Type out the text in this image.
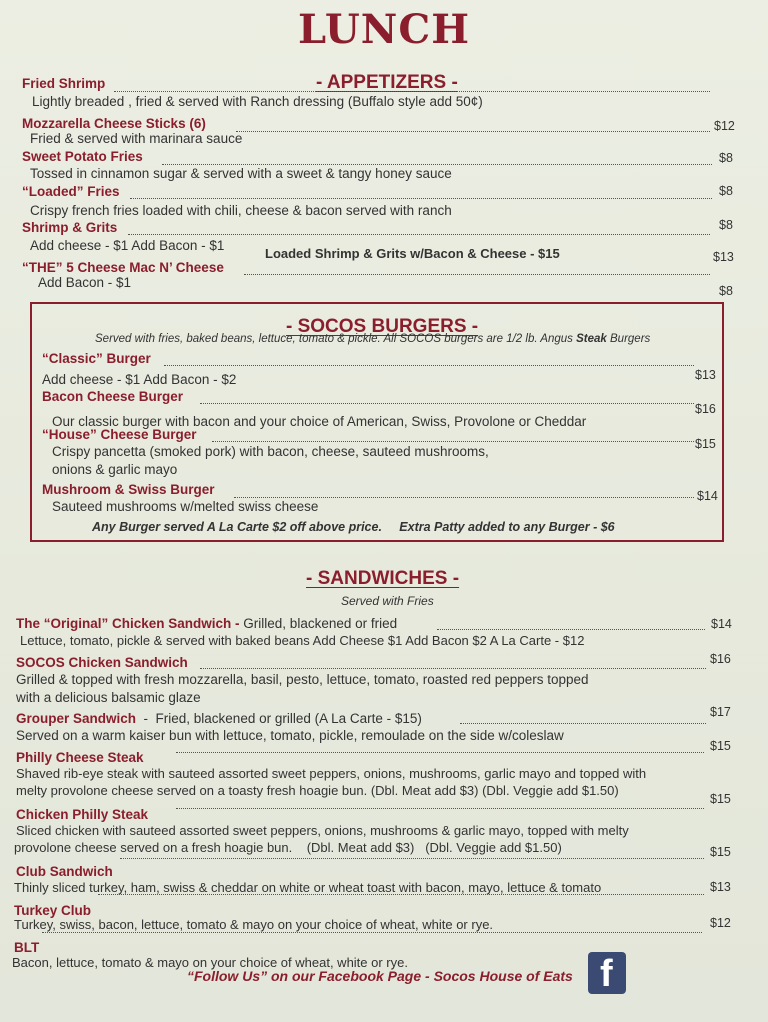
LUNCH
- APPETIZERS -
Fried Shrimp
Lightly breaded , fried & served with Ranch dressing (Buffalo style add 50¢)
$12
Mozzarella Cheese Sticks (6)
Fried & served with marinara sauce
$8
Sweet Potato Fries
Tossed in cinnamon sugar & served with a sweet & tangy honey sauce
$8
“Loaded” Fries
Crispy french fries loaded with chili, cheese & bacon served with ranch
$8
Shrimp & Grits
Add cheese - $1 Add Bacon - $1
Loaded Shrimp & Grits w/Bacon & Cheese - $15	$13
“THE” 5 Cheese Mac N’ Cheese
Add Bacon - $1
$8
- SOCOS BURGERS -
Served with fries, baked beans, lettuce, tomato & pickle. All SOCOS burgers are 1/2 lb. Angus Steak Burgers
“Classic” Burger
Add cheese - $1 Add Bacon - $2	$13
Bacon Cheese Burger
Our classic burger with bacon and your choice of American, Swiss, Provolone or Cheddar
$16
“House” Cheese Burger
Crispy pancetta (smoked pork) with bacon, cheese, sauteed mushrooms,
onions & garlic mayo
$15
Mushroom & Swiss Burger
Sauteed mushrooms w/melted swiss cheese
$14
Any Burger served A La Carte $2 off above price.     Extra Patty added to any Burger - $6
- SANDWICHES -
Served with Fries
The “Original” Chicken Sandwich - Grilled, blackened or fried
Lettuce, tomato, pickle & served with baked beans Add Cheese $1 Add Bacon $2 A La Carte - $12
$14
SOCOS Chicken Sandwich
Grilled & topped with fresh mozzarella, basil, pesto, lettuce, tomato, roasted red peppers topped
with a delicious balsamic glaze
$16
Grouper Sandwich  -  Fried, blackened or grilled (A La Carte - $15)
Served on a warm kaiser bun with lettuce, tomato, pickle, remoulade on the side w/coleslaw
$17
Philly Cheese Steak
Shaved rib-eye steak with sauteed assorted sweet peppers, onions, mushrooms, garlic mayo and topped with
melty provolone cheese served on a toasty fresh hoagie bun. (Dbl. Meat add $3) (Dbl. Veggie add $1.50)
$15
Chicken Philly Steak
Sliced chicken with sauteed assorted sweet peppers, onions, mushrooms & garlic mayo, topped with melty
provolone cheese served on a fresh hoagie bun.    (Dbl. Meat add $3)   (Dbl. Veggie add $1.50)
$15
Club Sandwich
Thinly sliced turkey, ham, swiss & cheddar on white or wheat toast with bacon, mayo, lettuce & tomato
$15
Turkey Club
Turkey, swiss, bacon, lettuce, tomato & mayo on your choice of wheat, white or rye.
$13
BLT
Bacon, lettuce, tomato & mayo on your choice of wheat, white or rye.
$12
“Follow Us” on our Facebook Page - Socos House of Eats f
